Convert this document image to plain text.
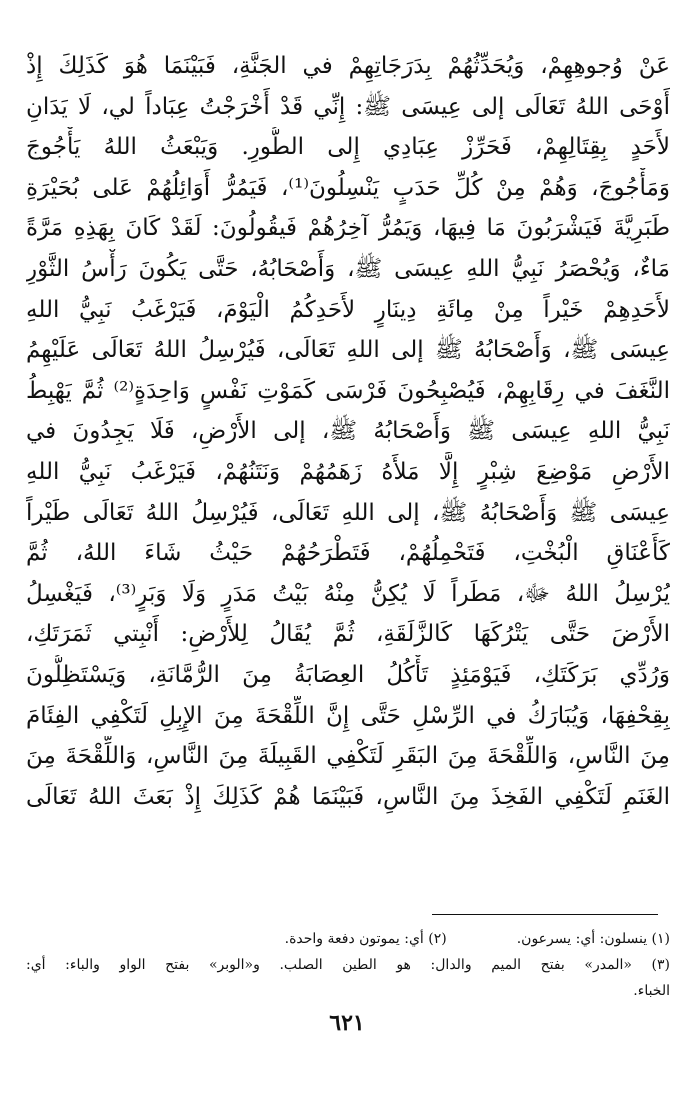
عَنْ وُجوهِهِمْ، وَيُحَدِّثُهُمْ بِدَرَجَاتِهِمْ في الجَنَّةِ، فَبَيْنَمَا هُوَ كَذَلِكَ إِذْ
أَوْحَى اللهُ تَعَالَى إلى عِيسَى ﷺ: إِنِّي قَدْ أَخْرَجْتُ عِبَاداً لي، لَا يَدَانِ
لأَحَدٍ بِقِتَالِهِمْ، فَحَرِّزْ عِبَادِي إِلى الطُّورِ. وَيَبْعَثُ اللهُ يَأْجُوجَ
وَمَأْجُوجَ، وَهُمْ مِنْ كُلِّ حَدَبٍ يَنْسِلُونَ⁽¹⁾، فَيَمُرُّ أَوَائِلُهُمْ عَلى بُحَيْرَةِ
طَبَرِيَّةَ فَيَشْرَبُونَ مَا فِيهَا، وَيَمُرُّ آخِرُهُمْ فَيقُولُونَ: لَقَدْ كَانَ بِهَذِهِ مَرَّةً
مَاءٌ، وَيُحْصَرُ نَبِيُّ اللهِ عِيسَى ﷺ، وَأَصْحَابُهُ، حَتَّى يَكُونَ رَأْسُ الثَّوْرِ
لأَحَدِهِمْ خَيْراً مِنْ مِائَةِ دِينَارٍ لأَحَدِكُمُ الْيَوْمَ، فَيَرْغَبُ نَبِيُّ اللهِ
عِيسَى ﷺ، وَأَصْحَابُهُ ﷺ إلى اللهِ تَعَالَى، فَيُرْسِلُ اللهُ تَعَالَى عَلَيْهِمُ
النَّغَفَ في رِقَابِهِمْ، فَيُصْبِحُونَ فَرْسَى كَمَوْتِ نَفْسٍ وَاحِدَةٍ⁽²⁾ ثُمَّ يَهْبِطُ
نَبِيُّ اللهِ عِيسَى ﷺ وَأَصْحَابُهُ ﷺ، إلى الأَرْضِ، فَلَا يَجِدُونَ في
الأَرْضِ مَوْضِعَ شِبْرٍ إِلَّا مَلأَهُ زَهَمُهُمْ وَنَتَنُهُمْ، فَيَرْغَبُ نَبِيُّ اللهِ
عِيسَى ﷺ وَأَصْحَابُهُ ﷺ، إلى اللهِ تَعَالَى، فَيُرْسِلُ اللهُ تَعَالَى طَيْراً
كَأَعْنَاقِ الْبُخْتِ، فَتَحْمِلُهُمْ، فَتَطْرَحُهُمْ حَيْثُ شَاءَ اللهُ، ثُمَّ
يُرْسِلُ اللهُ ﷻ، مَطَراً لَا يُكِنُّ مِنْهُ بَيْتُ مَدَرٍ وَلَا وَبَرٍ⁽³⁾، فَيَغْسِلُ
الأَرْضَ حَتَّى يَتْرُكَهَا كَالزَّلَقَةِ، ثُمَّ يُقَالُ لِلأَرْضِ: أَنْبِتي ثَمَرَتَكِ،
وَرُدِّي بَرَكَتَكِ، فَيَوْمَئِذٍ تَأْكُلُ العِصَابَةُ مِنَ الرُّمَّانَةِ، وَيَسْتَظِلُّونَ
بِقِحْفِهَا، وَيُبَارَكُ في الرِّسْلِ حَتَّى إِنَّ اللِّقْحَةَ مِنَ الإِبِلِ لَتَكْفِي الفِئَامَ
مِنَ النَّاسِ، وَاللِّقْحَةَ مِنَ البَقَرِ لَتَكْفِي القَبِيلَةَ مِنَ النَّاسِ، وَاللِّقْحَةَ مِنَ
الغَنَمِ لَتَكْفِي الفَخِذَ مِنَ النَّاسِ، فَبَيْنَمَا هُمْ كَذَلِكَ إِذْ بَعَثَ اللهُ تَعَالَى
(١) ينسلون: أي: يسرعون.
(٢) أي: يموتون دفعة واحدة.
(٣) «المدر» بفتح الميم والدال: هو الطين الصلب. و«الوبر» بفتح الواو والباء: أي:
الخباء.
٦٢١
